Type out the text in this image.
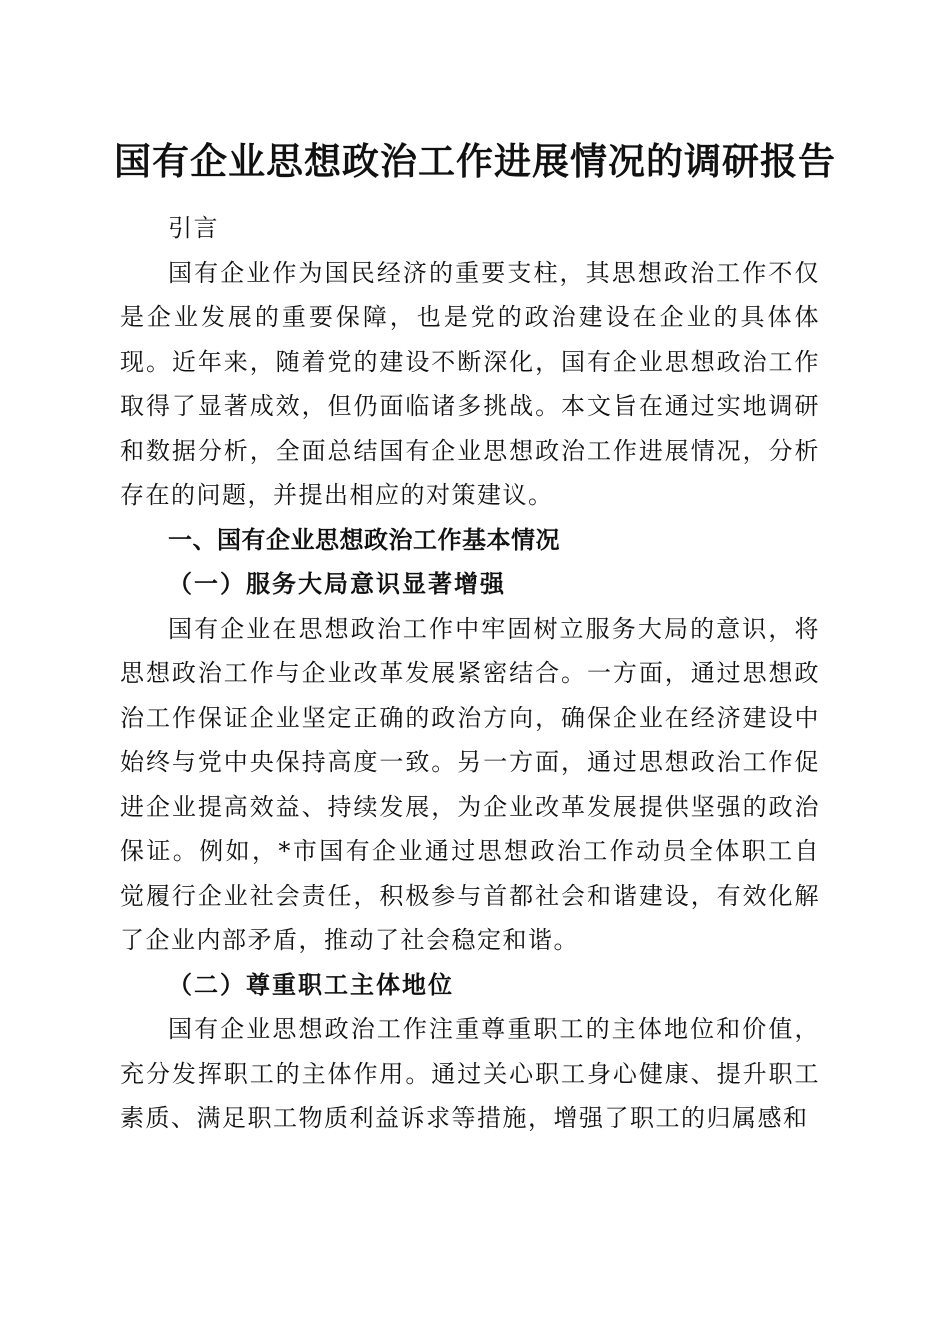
国有企业思想政治工作进展情况的调研报告

引言

国有企业作为国民经济的重要支柱，其思想政治工作不仅是企业发展的重要保障，也是党的政治建设在企业的具体体现。近年来，随着党的建设不断深化，国有企业思想政治工作取得了显著成效，但仍面临诸多挑战。本文旨在通过实地调研和数据分析，全面总结国有企业思想政治工作进展情况，分析存在的问题，并提出相应的对策建议。

一、国有企业思想政治工作基本情况

（一）服务大局意识显著增强

国有企业在思想政治工作中牢固树立服务大局的意识，将思想政治工作与企业改革发展紧密结合。一方面，通过思想政治工作保证企业坚定正确的政治方向，确保企业在经济建设中始终与党中央保持高度一致。另一方面，通过思想政治工作促进企业提高效益、持续发展，为企业改革发展提供坚强的政治保证。例如，*市国有企业通过思想政治工作动员全体职工自觉履行企业社会责任，积极参与首都社会和谐建设，有效化解了企业内部矛盾，推动了社会稳定和谐。

（二）尊重职工主体地位

国有企业思想政治工作注重尊重职工的主体地位和价值，充分发挥职工的主体作用。通过关心职工身心健康、提升职工素质、满足职工物质利益诉求等措施，增强了职工的归属感和
